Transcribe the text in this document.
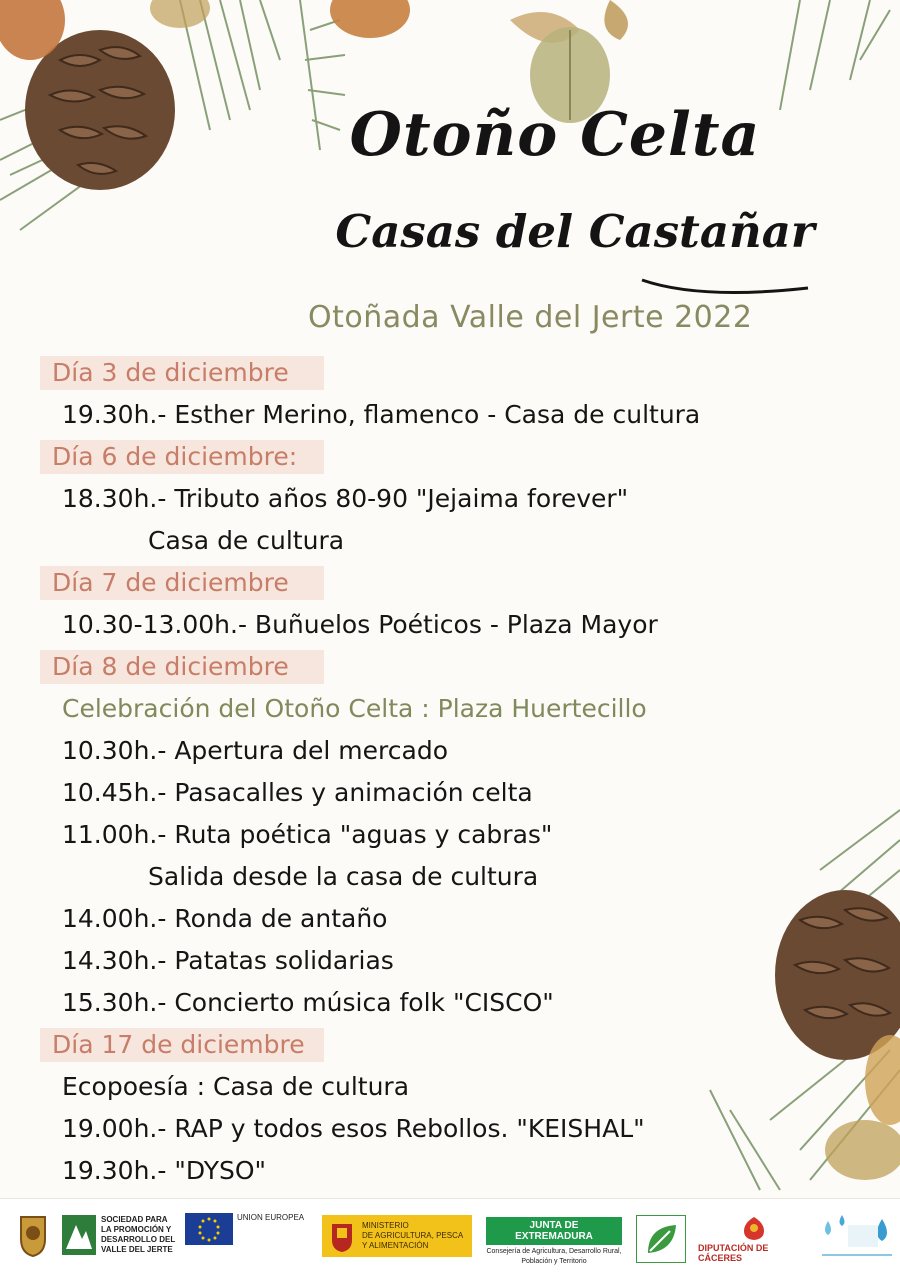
Otoño Celta
Casas del Castañar
Otoñada Valle del Jerte 2022
Día 3 de diciembre
19.30h.- Esther Merino, flamenco - Casa de cultura
Día 6 de diciembre:
18.30h.- Tributo años 80-90 "Jejaima forever"
Casa de cultura
Día 7 de diciembre
10.30-13.00h.- Buñuelos Poéticos - Plaza Mayor
Día 8 de diciembre
Celebración del Otoño Celta : Plaza Huertecillo
10.30h.- Apertura del mercado
10.45h.- Pasacalles y animación celta
11.00h.- Ruta poética "aguas y cabras"
Salida desde la casa de cultura
14.00h.- Ronda de antaño
14.30h.- Patatas solidarias
15.30h.- Concierto música folk "CISCO"
Día 17 de diciembre
Ecopoesía : Casa de cultura
19.00h.- RAP y todos esos Rebollos. "KEISHAL"
19.30h.- "DYSO"
SOCIEDAD PARA
LA PROMOCIÓN Y
DESARROLLO DEL
VALLE DEL JERTE
UNION EUROPEA
MINISTERIO
DE AGRICULTURA, PESCA
Y ALIMENTACIÓN
JUNTA DE EXTREMADURA
Consejería de Agricultura, Desarrollo Rural,
Población y Territorio
DIPUTACIÓN DE CÁCERES
